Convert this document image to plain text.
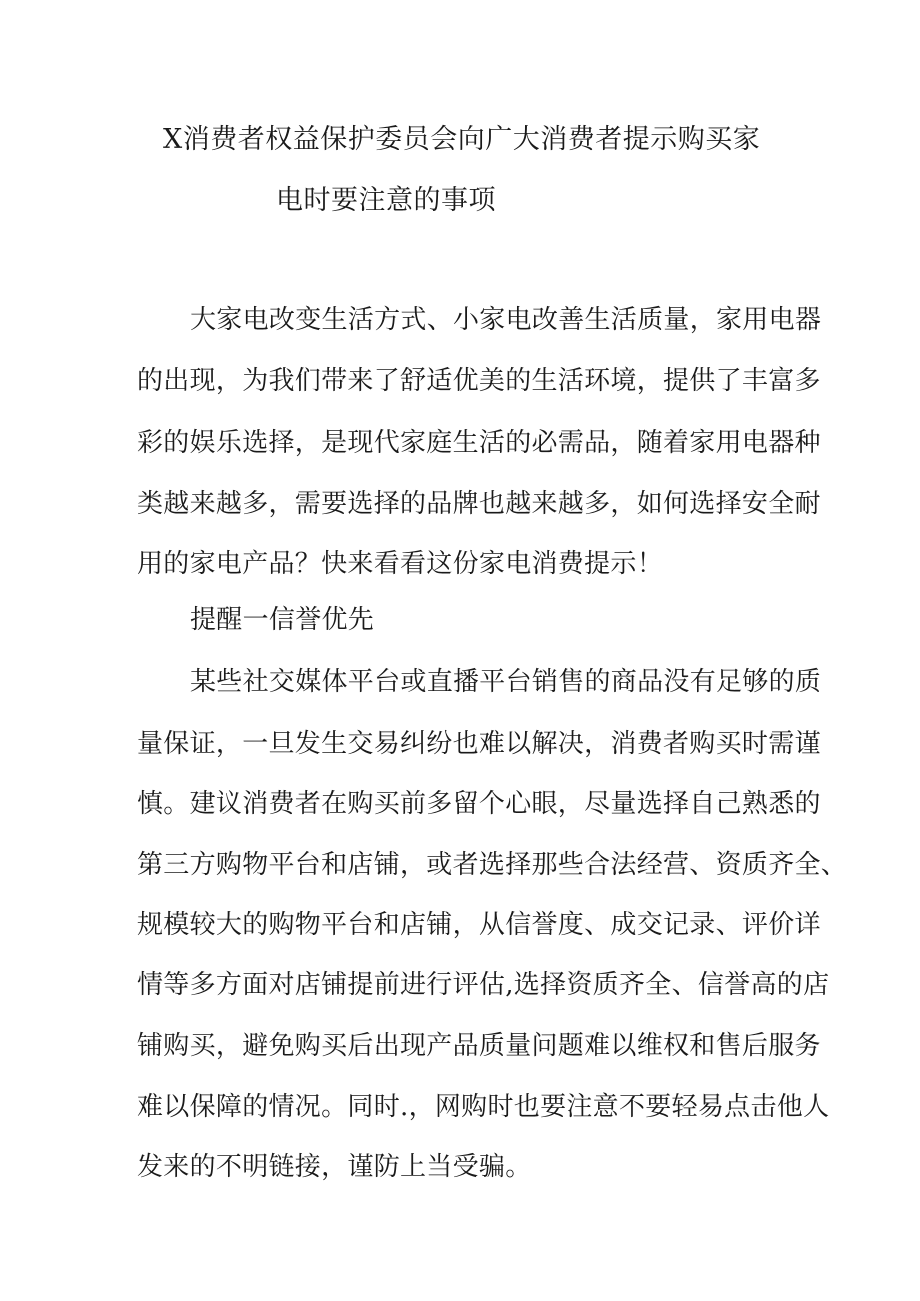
X消费者权益保护委员会向广大消费者提示购买家
电时要注意的事项
大家电改变生活方式、小家电改善生活质量，家用电器
的出现，为我们带来了舒适优美的生活环境，提供了丰富多
彩的娱乐选择，是现代家庭生活的必需品，随着家用电器种
类越来越多，需要选择的品牌也越来越多，如何选择安全耐
用的家电产品？快来看看这份家电消费提示！
提醒一信誉优先
某些社交媒体平台或直播平台销售的商品没有足够的质
量保证，一旦发生交易纠纷也难以解决，消费者购买时需谨
慎。建议消费者在购买前多留个心眼，尽量选择自己熟悉的
第三方购物平台和店铺，或者选择那些合法经营、资质齐全、
规模较大的购物平台和店铺，从信誉度、成交记录、评价详
情等多方面对店铺提前进行评估,选择资质齐全、信誉高的店
铺购买，避免购买后出现产品质量问题难以维权和售后服务
难以保障的情况。同时.，网购时也要注意不要轻易点击他人
发来的不明链接，谨防上当受骗。
